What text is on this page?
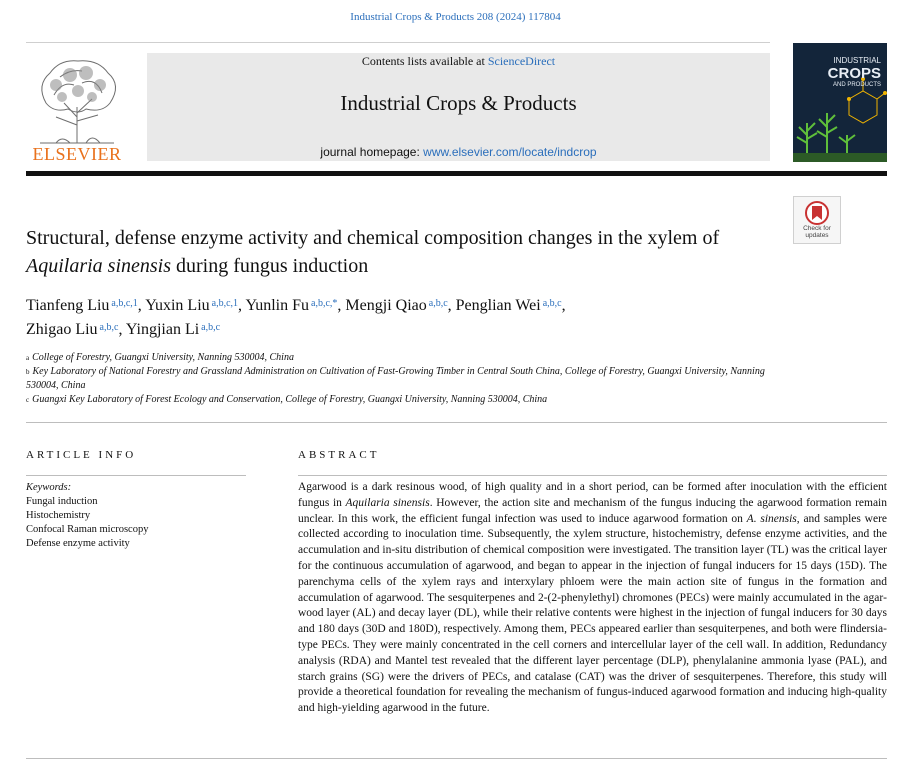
Industrial Crops & Products 208 (2024) 117804
ELSEVIER
Contents lists available at ScienceDirect
Industrial Crops & Products
journal homepage: www.elsevier.com/locate/indcrop
INDUSTRIAL
CROPS
AND PRODUCTS
Check for
updates
Structural, defense enzyme activity and chemical composition changes in the xylem of Aquilaria sinensis during fungus induction
Tianfeng Liu $^{a,b,c,1}$, Yuxin Liu $^{a,b,c,1}$, Yunlin Fu $^{a,b,c,*}$, Mengji Qiao $^{a,b,c}$, Penglian Wei $^{a,b,c}$,
Zhigao Liu $^{a,b,c}$, Yingjian Li $^{a,b,c}$
$^a$ College of Forestry, Guangxi University, Nanning 530004, China
$^b$ Key Laboratory of National Forestry and Grassland Administration on Cultivation of Fast-Growing Timber in Central South China, College of Forestry, Guangxi University, Nanning 530004, China
$^c$ Guangxi Key Laboratory of Forest Ecology and Conservation, College of Forestry, Guangxi University, Nanning 530004, China
ARTICLE INFO
Keywords:
Fungal induction
Histochemistry
Confocal Raman microscopy
Defense enzyme activity
ABSTRACT
Agarwood is a dark resinous wood, of high quality and in a short period, can be formed after inoculation with the efficient fungus in Aquilaria sinensis. However, the action site and mechanism of the fungus inducing the agarwood formation remain unclear. In this work, the efficient fungal infection was used to induce agarwood formation on A. sinensis, and samples were collected according to inoculation time. Subsequently, the xylem structure, histochemistry, defense enzyme activities, and the accumulation and in-situ distribution of chemical composition were investigated. The transition layer (TL) was the critical layer for the continuous accumulation of agarwood, and began to appear in the injection of fungal inducers for 15 days (15D). The parenchyma cells of the xylem rays and interxylary phloem were the main action site of fungus in the formation and accumulation of agarwood. The sesquiterpenes and 2-(2-phenylethyl) chromones (PECs) were mainly accumulated in the agarwood layer (AL) and decay layer (DL), while their relative contents were highest in the injection of fungal inducers for 30 days and 180 days (30D and 180D), respectively. Among them, PECs appeared earlier than sesquiterpenes, and both were flindersia-type PECs. They were mainly concentrated in the cell corners and intercellular layer of the cell wall. In addition, Redundancy analysis (RDA) and Mantel test revealed that the different layer percentage (DLP), phenylalanine ammonia lyase (PAL), and starch grains (SG) were the drivers of PECs, and catalase (CAT) was the driver of sesquiterpenes. Therefore, this study will provide a theoretical foundation for revealing the mechanism of fungus-induced agarwood formation and inducing high-quality and high-yielding agarwood in the future.
